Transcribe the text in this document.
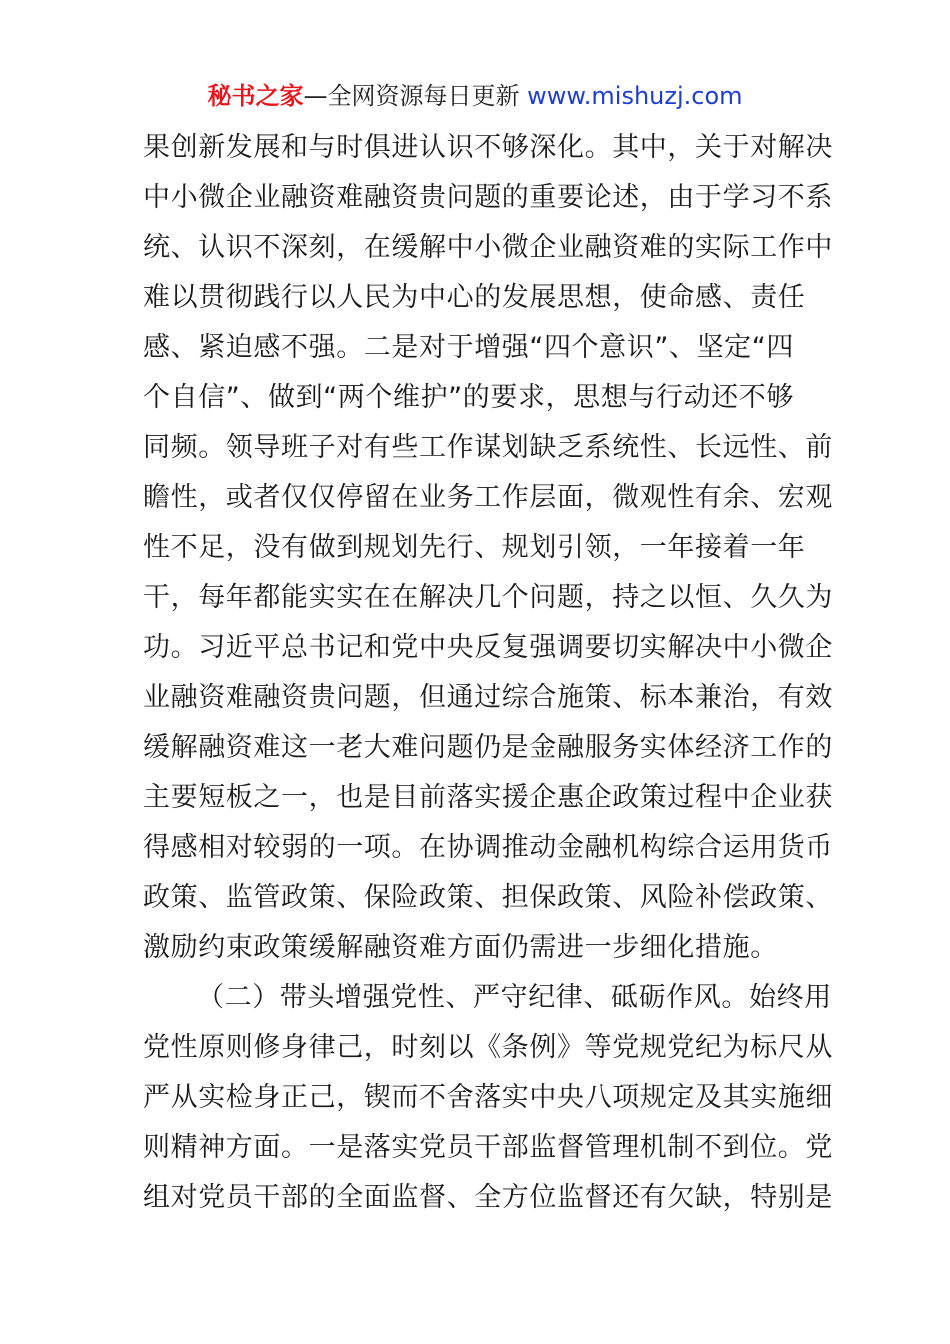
秘书之家—全网资源每日更新 www.mishuzj.com
果创新发展和与时俱进认识不够深化。其中，关于对解决
中小微企业融资难融资贵问题的重要论述，由于学习不系
统、认识不深刻，在缓解中小微企业融资难的实际工作中
难以贯彻践行以人民为中心的发展思想，使命感、责任
感、紧迫感不强。二是对于增强“四个意识”、坚定“四
个自信”、做到“两个维护”的要求，思想与行动还不够
同频。领导班子对有些工作谋划缺乏系统性、长远性、前
瞻性，或者仅仅停留在业务工作层面，微观性有余、宏观
性不足，没有做到规划先行、规划引领，一年接着一年
干，每年都能实实在在解决几个问题，持之以恒、久久为
功。习近平总书记和党中央反复强调要切实解决中小微企
业融资难融资贵问题，但通过综合施策、标本兼治，有效
缓解融资难这一老大难问题仍是金融服务实体经济工作的
主要短板之一，也是目前落实援企惠企政策过程中企业获
得感相对较弱的一项。在协调推动金融机构综合运用货币
政策、监管政策、保险政策、担保政策、风险补偿政策、
激励约束政策缓解融资难方面仍需进一步细化措施。
（二）带头增强党性、严守纪律、砥砺作风。始终用
党性原则修身律己，时刻以《条例》等党规党纪为标尺从
严从实检身正己，锲而不舍落实中央八项规定及其实施细
则精神方面。一是落实党员干部监督管理机制不到位。党
组对党员干部的全面监督、全方位监督还有欠缺，特别是
